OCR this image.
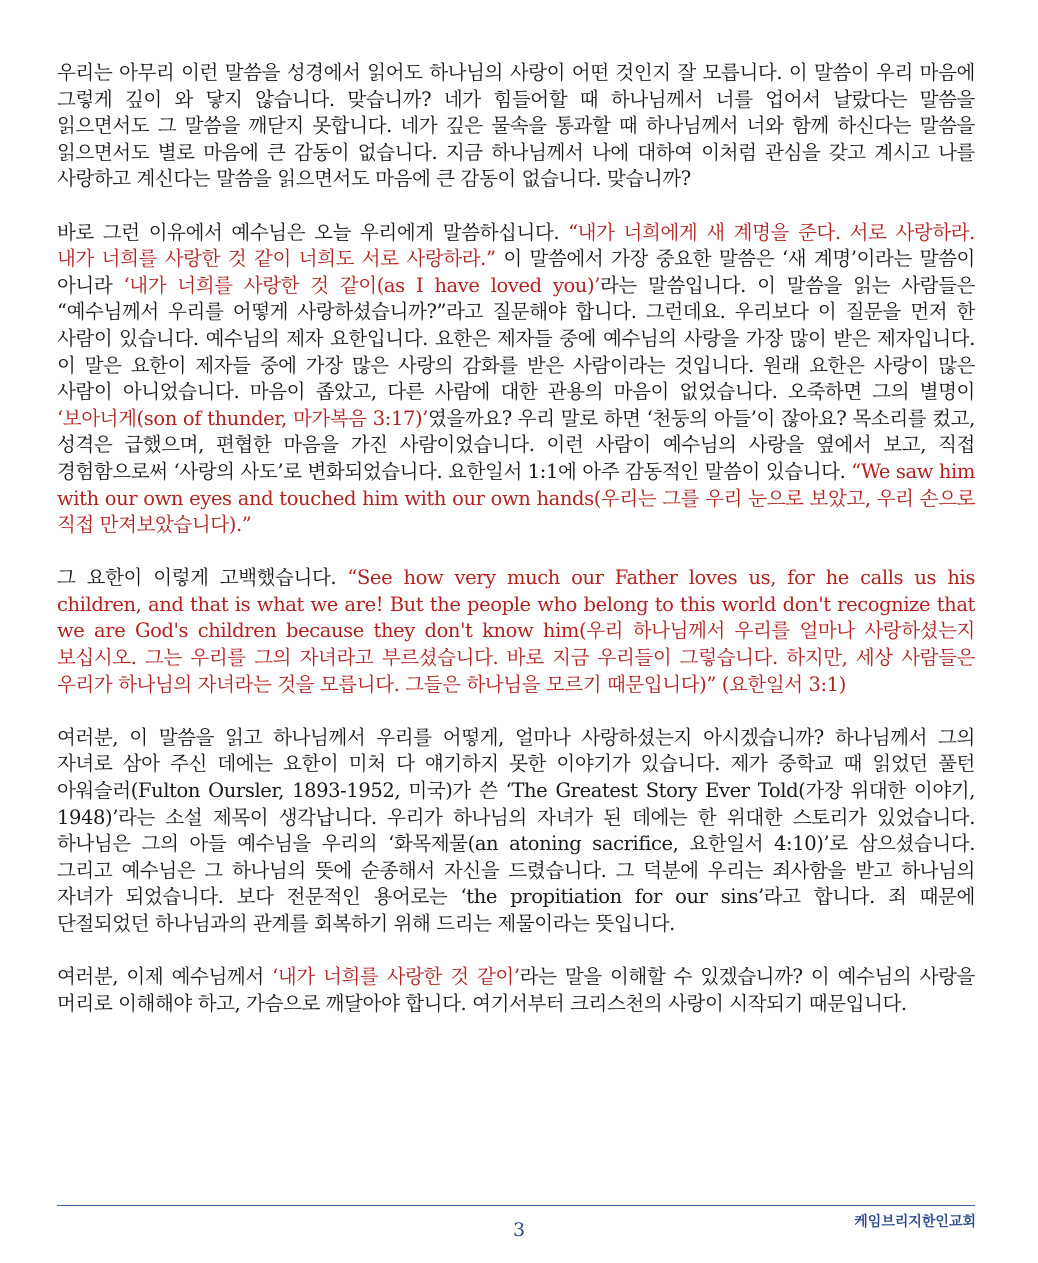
우리는 아무리 이런 말씀을 성경에서 읽어도 하나님의 사랑이 어떤 것인지 잘 모릅니다. 이 말씀이 우리 마음에 그렇게 깊이 와 닿지 않습니다. 맞습니까? 네가 힘들어할 때 하나님께서 너를 업어서 날랐다는 말씀을 읽으면서도 그 말씀을 깨닫지 못합니다. 네가 깊은 물속을 통과할 때 하나님께서 너와 함께 하신다는 말씀을 읽으면서도 별로 마음에 큰 감동이 없습니다. 지금 하나님께서 나에 대하여 이처럼 관심을 갖고 계시고 나를 사랑하고 계신다는 말씀을 읽으면서도 마음에 큰 감동이 없습니다. 맞습니까?

바로 그런 이유에서 예수님은 오늘 우리에게 말씀하십니다. “내가 너희에게 새 계명을 준다. 서로 사랑하라. 내가 너희를 사랑한 것 같이 너희도 서로 사랑하라.” 이 말씀에서 가장 중요한 말씀은 ‘새 계명’이라는 말씀이 아니라 ‘내가 너희를 사랑한 것 같이(as I have loved you)’라는 말씀입니다. 이 말씀을 읽는 사람들은 “예수님께서 우리를 어떻게 사랑하셨습니까?”라고 질문해야 합니다. 그런데요. 우리보다 이 질문을 먼저 한 사람이 있습니다. 예수님의 제자 요한입니다. 요한은 제자들 중에 예수님의 사랑을 가장 많이 받은 제자입니다. 이 말은 요한이 제자들 중에 가장 많은 사랑의 감화를 받은 사람이라는 것입니다. 원래 요한은 사랑이 많은 사람이 아니었습니다. 마음이 좁았고, 다른 사람에 대한 관용의 마음이 없었습니다. 오죽하면 그의 별명이 ‘보아너게(son of thunder, 마가복음 3:17)’였을까요? 우리 말로 하면 ‘천둥의 아들’이 잖아요? 목소리를 컸고, 성격은 급했으며, 편협한 마음을 가진 사람이었습니다. 이런 사람이 예수님의 사랑을 옆에서 보고, 직접 경험함으로써 ‘사랑의 사도’로 변화되었습니다. 요한일서 1:1에 아주 감동적인 말씀이 있습니다. “We saw him with our own eyes and touched him with our own hands(우리는 그를 우리 눈으로 보았고, 우리 손으로 직접 만져보았습니다).”

그 요한이 이렇게 고백했습니다. “See how very much our Father loves us, for he calls us his children, and that is what we are! But the people who belong to this world don't recognize that we are God's children because they don't know him(우리 하나님께서 우리를 얼마나 사랑하셨는지 보십시오. 그는 우리를 그의 자녀라고 부르셨습니다. 바로 지금 우리들이 그렇습니다. 하지만, 세상 사람들은 우리가 하나님의 자녀라는 것을 모릅니다. 그들은 하나님을 모르기 때문입니다)” (요한일서 3:1)

여러분, 이 말씀을 읽고 하나님께서 우리를 어떻게, 얼마나 사랑하셨는지 아시겠습니까? 하나님께서 그의 자녀로 삼아 주신 데에는 요한이 미처 다 얘기하지 못한 이야기가 있습니다. 제가 중학교 때 읽었던 풀턴 아워슬러(Fulton Oursler, 1893-1952, 미국)가 쓴 ‘The Greatest Story Ever Told(가장 위대한 이야기, 1948)’라는 소설 제목이 생각납니다. 우리가 하나님의 자녀가 된 데에는 한 위대한 스토리가 있었습니다. 하나님은 그의 아들 예수님을 우리의 ‘화목제물(an atoning sacrifice, 요한일서 4:10)’로 삼으셨습니다. 그리고 예수님은 그 하나님의 뜻에 순종해서 자신을 드렸습니다. 그 덕분에 우리는 죄사함을 받고 하나님의 자녀가 되었습니다. 보다 전문적인 용어로는 ‘the propitiation for our sins’라고 합니다. 죄 때문에 단절되었던 하나님과의 관계를 회복하기 위해 드리는 제물이라는 뜻입니다.

여러분, 이제 예수님께서 ‘내가 너희를 사랑한 것 같이’라는 말을 이해할 수 있겠습니까? 이 예수님의 사랑을 머리로 이해해야 하고, 가슴으로 깨달아야 합니다. 여기서부터 크리스천의 사랑이 시작되기 때문입니다.

3	케임브리지한인교회
